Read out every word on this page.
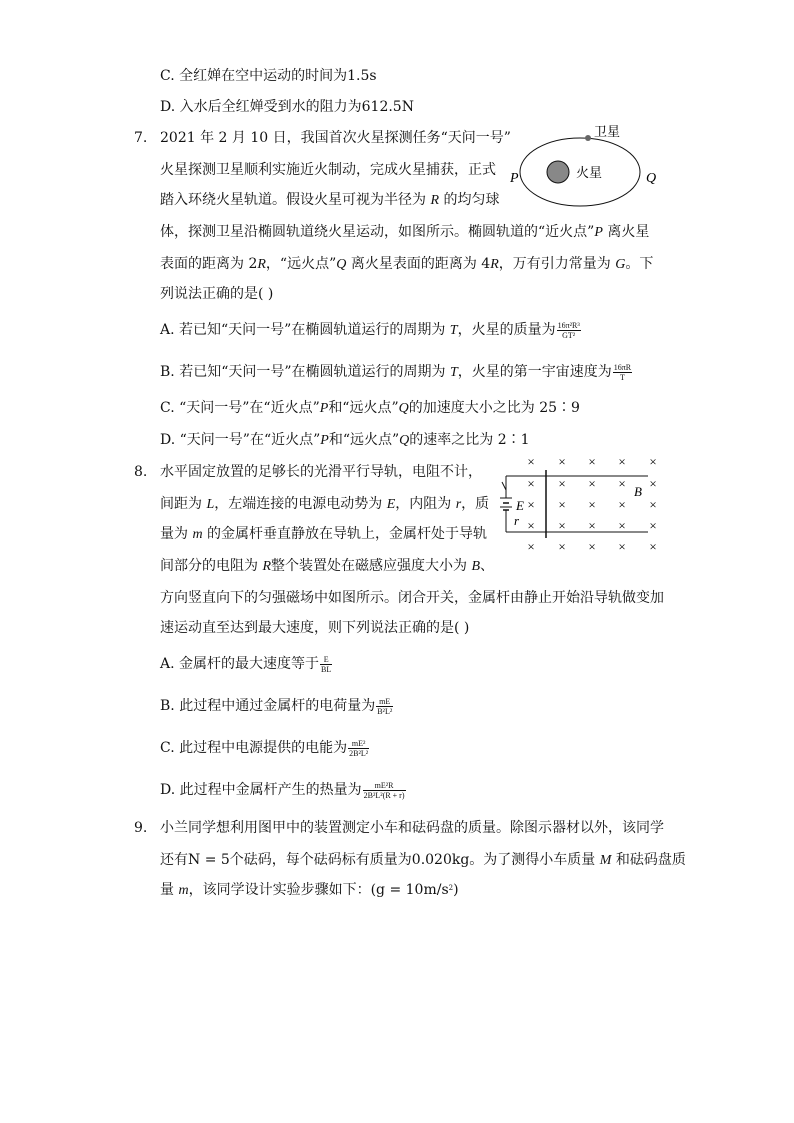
C. 全红婵在空中运动的时间为1.5s
D. 入水后全红婵受到水的阻力为612.5N
7. 2021 年 2 月 10 日，我国首次火星探测任务“天问一号”
火星探测卫星顺利实施近火制动，完成火星捕获，正式
踏入环绕火星轨道。假设火星可视为半径为 R 的均匀球
体，探测卫星沿椭圆轨道绕火星运动，如图所示。椭圆轨道的“近火点”P 离火星
表面的距离为 2R，“远火点”Q 离火星表面的距离为 4R，万有引力常量为 G。下
列说法正确的是( )
A. 若已知“天问一号”在椭圆轨道运行的周期为 T，火星的质量为 $\frac{\text{16π²R³}}{\text{GT²}}$
B. 若已知“天问一号”在椭圆轨道运行的周期为 T，火星的第一宇宙速度为 $\frac{16\pi R}{T}$
C. “天问一号”在“近火点”P和“远火点”Q的加速度大小之比为 25∶9
D. “天问一号”在“近火点”P和“远火点”Q的速率之比为 2∶1
火星
卫星
P	Q
8. 水平固定放置的足够长的光滑平行导轨，电阻不计，
间距为 L，左端连接的电源电动势为 E，内阻为 r，质
量为 m 的金属杆垂直静放在导轨上，金属杆处于导轨
间部分的电阻为 R整个装置处在磁感应强度大小为 B、
方向竖直向下的匀强磁场中如图所示。闭合开关，金属杆由静止开始沿导轨做变加
速运动直至达到最大速度，则下列说法正确的是( )
A. 金属杆的最大速度等于 $\frac{E}{BL}$
B. 此过程中通过金属杆的电荷量为 $\frac{mE}{\text{B²L²}}$
C. 此过程中电源提供的电能为 $\frac{\text{mE²}}{\text{2B²L²}}$
D. 此过程中金属杆产生的热量为 $\frac{\text{mE²R}}{\text{2B²L²(R + r)}}$
× × × × ×
× × × × ×
× × × × ×
× × × × ×
× × × × ×
E
r
B
9. 小兰同学想利用图甲中的装置测定小车和砝码盘的质量。除图示器材以外，该同学
还有N = 5个砝码，每个砝码标有质量为0.020kg。为了测得小车质量 M 和砝码盘质
量 m，该同学设计实验步骤如下：$(g = 10m/s^2)$
